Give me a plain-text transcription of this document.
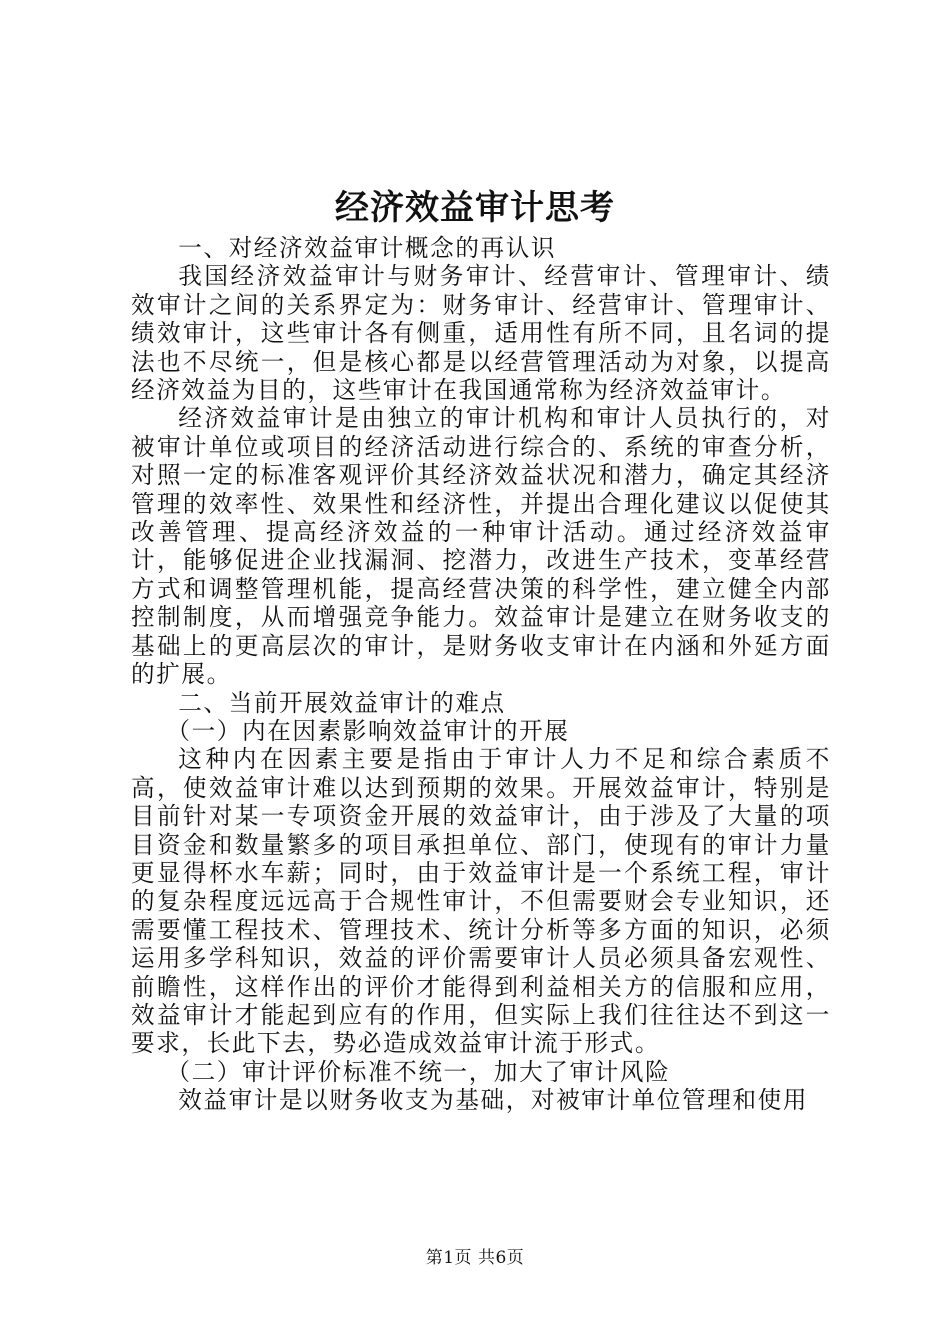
经济效益审计思考

一、对经济效益审计概念的再认识

我国经济效益审计与财务审计、经营审计、管理审计、绩效审计之间的关系界定为：财务审计、经营审计、管理审计、绩效审计，这些审计各有侧重，适用性有所不同，且名词的提法也不尽统一，但是核心都是以经营管理活动为对象，以提高经济效益为目的，这些审计在我国通常称为经济效益审计。

经济效益审计是由独立的审计机构和审计人员执行的，对被审计单位或项目的经济活动进行综合的、系统的审查分析，对照一定的标准客观评价其经济效益状况和潜力，确定其经济管理的效率性、效果性和经济性，并提出合理化建议以促使其改善管理、提高经济效益的一种审计活动。通过经济效益审计，能够促进企业找漏洞、挖潜力，改进生产技术，变革经营方式和调整管理机能，提高经营决策的科学性，建立健全内部控制制度，从而增强竞争能力。效益审计是建立在财务收支的基础上的更高层次的审计，是财务收支审计在内涵和外延方面的扩展。

二、当前开展效益审计的难点

（一）内在因素影响效益审计的开展

这种内在因素主要是指由于审计人力不足和综合素质不高，使效益审计难以达到预期的效果。开展效益审计，特别是目前针对某一专项资金开展的效益审计，由于涉及了大量的项目资金和数量繁多的项目承担单位、部门，使现有的审计力量更显得杯水车薪；同时，由于效益审计是一个系统工程，审计的复杂程度远远高于合规性审计，不但需要财会专业知识，还需要懂工程技术、管理技术、统计分析等多方面的知识，必须运用多学科知识，效益的评价需要审计人员必须具备宏观性、前瞻性，这样作出的评价才能得到利益相关方的信服和应用，效益审计才能起到应有的作用，但实际上我们往往达不到这一要求，长此下去，势必造成效益审计流于形式。

（二）审计评价标准不统一，加大了审计风险

效益审计是以财务收支为基础，对被审计单位管理和使用

第1页 共6页
